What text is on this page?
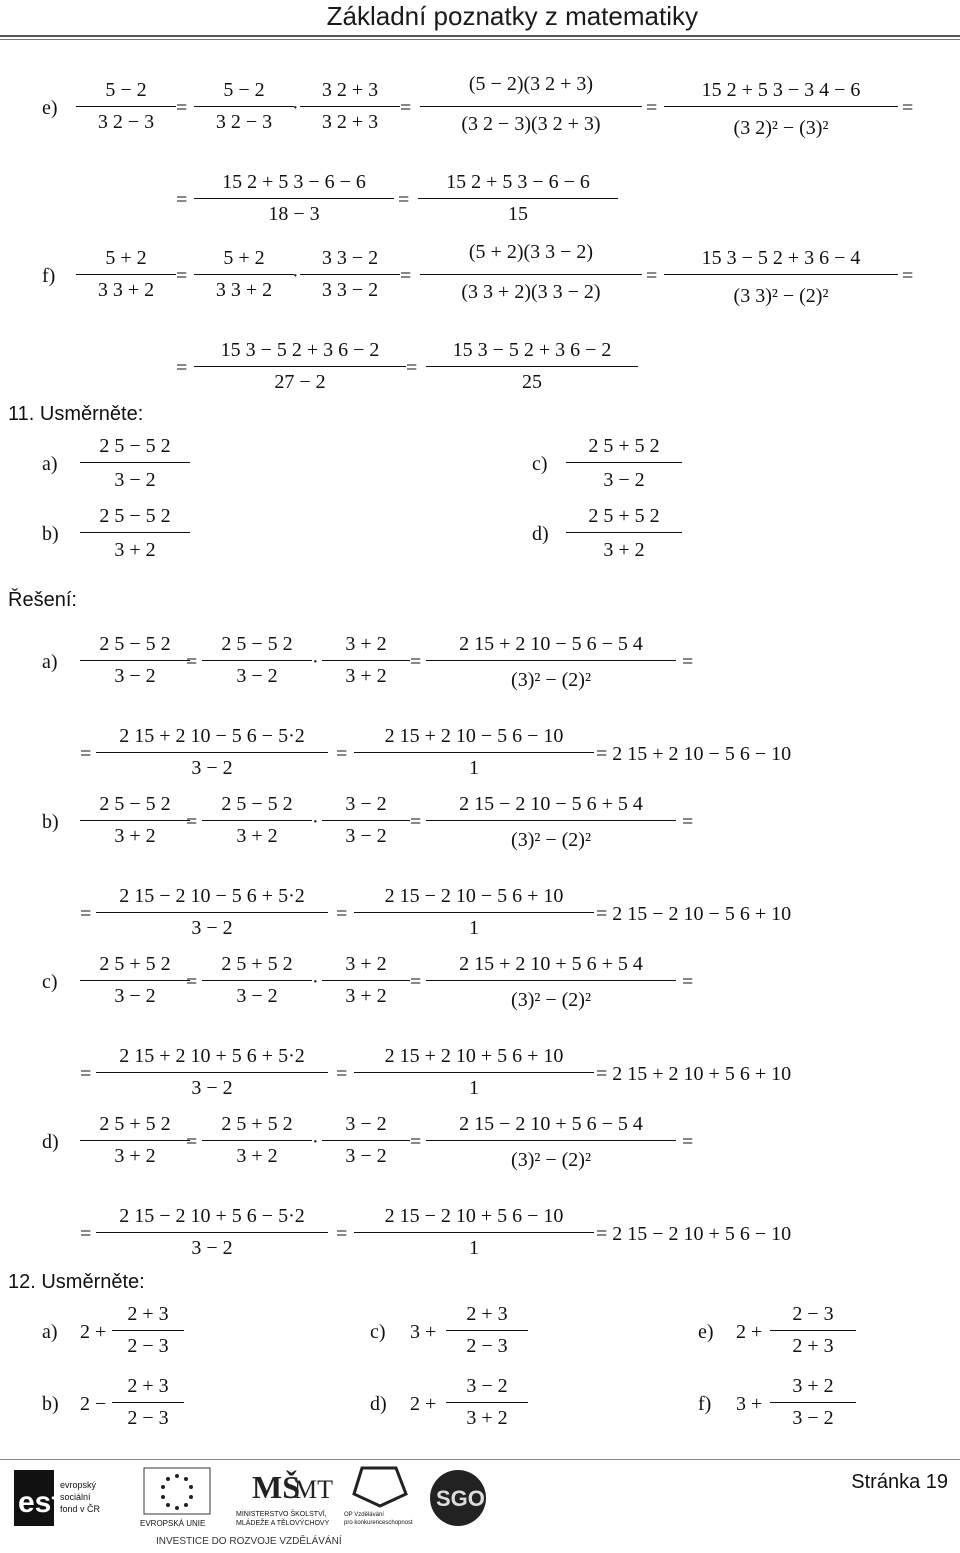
Základní poznatky z matematiky
e)
5 − 2
3 2 − 3
=
5 − 2
3 2 − 3
·
3 2 + 3
3 2 + 3
=
(5 − 2)(3 2 + 3)
(3 2 − 3)(3 2 + 3)
=
15 2 + 5 3 − 3 4 − 6
(3 2)² − (3)²
=
=
15 2 + 5 3 − 6 − 6
18 − 3
=
15 2 + 5 3 − 6 − 6
15
f)
5 + 2
3 3 + 2
=
5 + 2
3 3 + 2
·
3 3 − 2
3 3 − 2
=
(5 + 2)(3 3 − 2)
(3 3 + 2)(3 3 − 2)
=
15 3 − 5 2 + 3 6 − 4
(3 3)² − (2)²
=
=
15 3 − 5 2 + 3 6 − 2
27 − 2
=
15 3 − 5 2 + 3 6 − 2
25
11. Usměrněte:
a)
2 5 − 5 2
3 − 2
c)
2 5 + 5 2
3 − 2
b)
2 5 − 5 2
3 + 2
d)
2 5 + 5 2
3 + 2
Řešení:
a)
2 5 − 5 2
3 − 2
=
2 5 − 5 2
3 − 2
·
3 + 2
3 + 2
=
2 15 + 2 10 − 5 6 − 5 4
(3)² − (2)²
=
=
2 15 + 2 10 − 5 6 − 5·2
3 − 2
=
2 15 + 2 10 − 5 6 − 10
1
= 2 15 + 2 10 − 5 6 − 10
b)
2 5 − 5 2
3 + 2
=
2 5 − 5 2
3 + 2
·
3 − 2
3 − 2
=
2 15 − 2 10 − 5 6 + 5 4
(3)² − (2)²
=
=
2 15 − 2 10 − 5 6 + 5·2
3 − 2
=
2 15 − 2 10 − 5 6 + 10
1
= 2 15 − 2 10 − 5 6 + 10
c)
2 5 + 5 2
3 − 2
=
2 5 + 5 2
3 − 2
·
3 + 2
3 + 2
=
2 15 + 2 10 + 5 6 + 5 4
(3)² − (2)²
=
=
2 15 + 2 10 + 5 6 + 5·2
3 − 2
=
2 15 + 2 10 + 5 6 + 10
1
= 2 15 + 2 10 + 5 6 + 10
d)
2 5 + 5 2
3 + 2
=
2 5 + 5 2
3 + 2
·
3 − 2
3 − 2
=
2 15 − 2 10 + 5 6 − 5 4
(3)² − (2)²
=
=
2 15 − 2 10 + 5 6 − 5·2
3 − 2
=
2 15 − 2 10 + 5 6 − 10
1
= 2 15 − 2 10 + 5 6 − 10
12. Usměrněte:
a) 2 +
2 + 3
2 − 3
b) 2 −
2 + 3
2 − 3
c) 3 +
2 + 3
2 − 3
d) 2 +
3 − 2
3 + 2
e) 2 +
2 − 3
2 + 3
f) 3 +
3 + 2
3 − 2
esf
evropský
sociální
fond v ČR
EVROPSKÁ UNIE
MŠ
MT
MINISTERSTVO ŠKOLSTVÍ,
MLÁDEŽE A TĚLOVÝCHOVY
OP Vzdělávání
pro konkurenceschopnost
SGO
INVESTICE DO ROZVOJE VZDĚLÁVÁNÍ
Stránka 19
